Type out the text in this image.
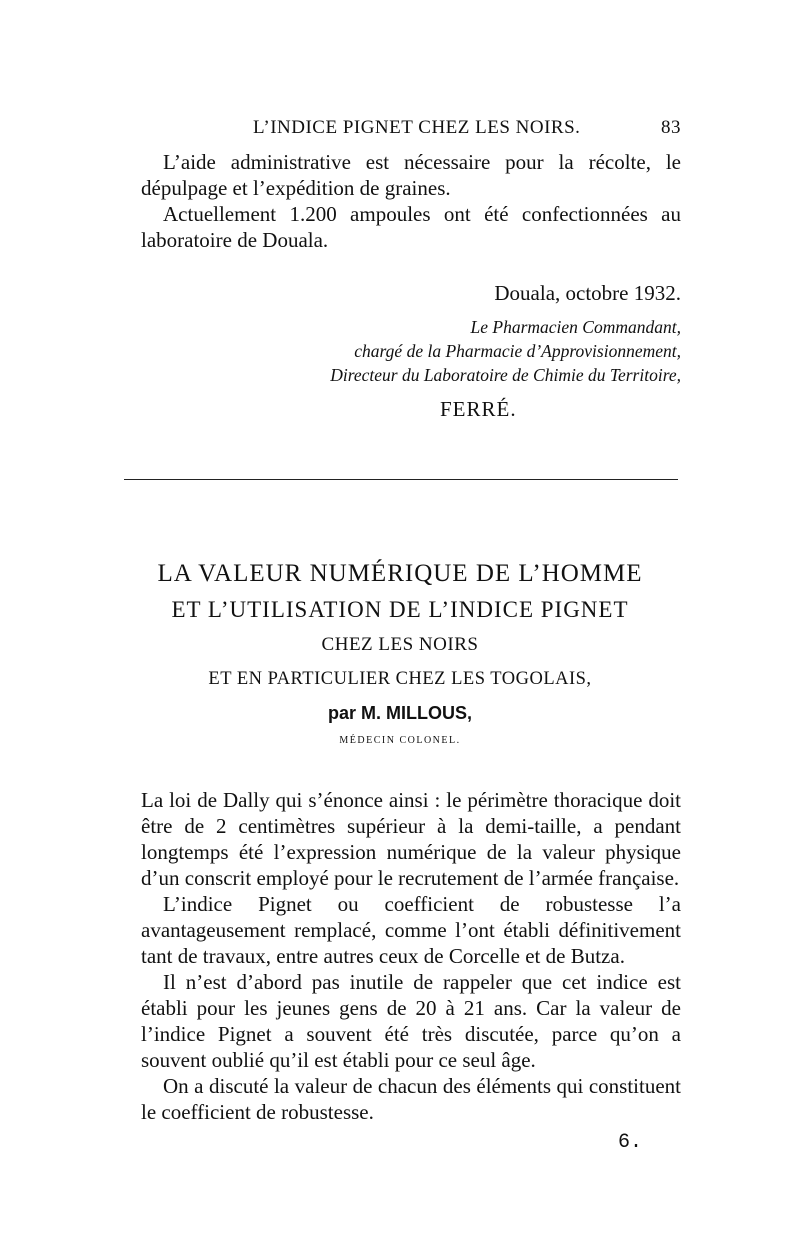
L’INDICE PIGNET CHEZ LES NOIRS.	83

L’aide administrative est nécessaire pour la récolte, le dépulpage et l’expédition de graines.

Actuellement 1.200 ampoules ont été confectionnées au laboratoire de Douala.

Douala, octobre 1932.
Le Pharmacien Commandant,
chargé de la Pharmacie d’Approvisionnement,
Directeur du Laboratoire de Chimie du Territoire,
FERRÉ.
LA VALEUR NUMÉRIQUE DE L’HOMME
ET L’UTILISATION DE L’INDICE PIGNET
CHEZ LES NOIRS
ET EN PARTICULIER CHEZ LES TOGOLAIS,
par M. MILLOUS,
MÉDECIN COLONEL.

La loi de Dally qui s’énonce ainsi : le périmètre thoracique doit être de 2 centimètres supérieur à la demi-taille, a pendant longtemps été l’expression numérique de la valeur physique d’un conscrit employé pour le recrutement de l’armée française.

L’indice Pignet ou coefficient de robustesse l’a avantageusement remplacé, comme l’ont établi définitivement tant de travaux, entre autres ceux de Corcelle et de Butza.

Il n’est d’abord pas inutile de rappeler que cet indice est établi pour les jeunes gens de 20 à 21 ans. Car la valeur de l’indice Pignet a souvent été très discutée, parce qu’on a souvent oublié qu’il est établi pour ce seul âge.

On a discuté la valeur de chacun des éléments qui constituent le coefficient de robustesse.

6.
